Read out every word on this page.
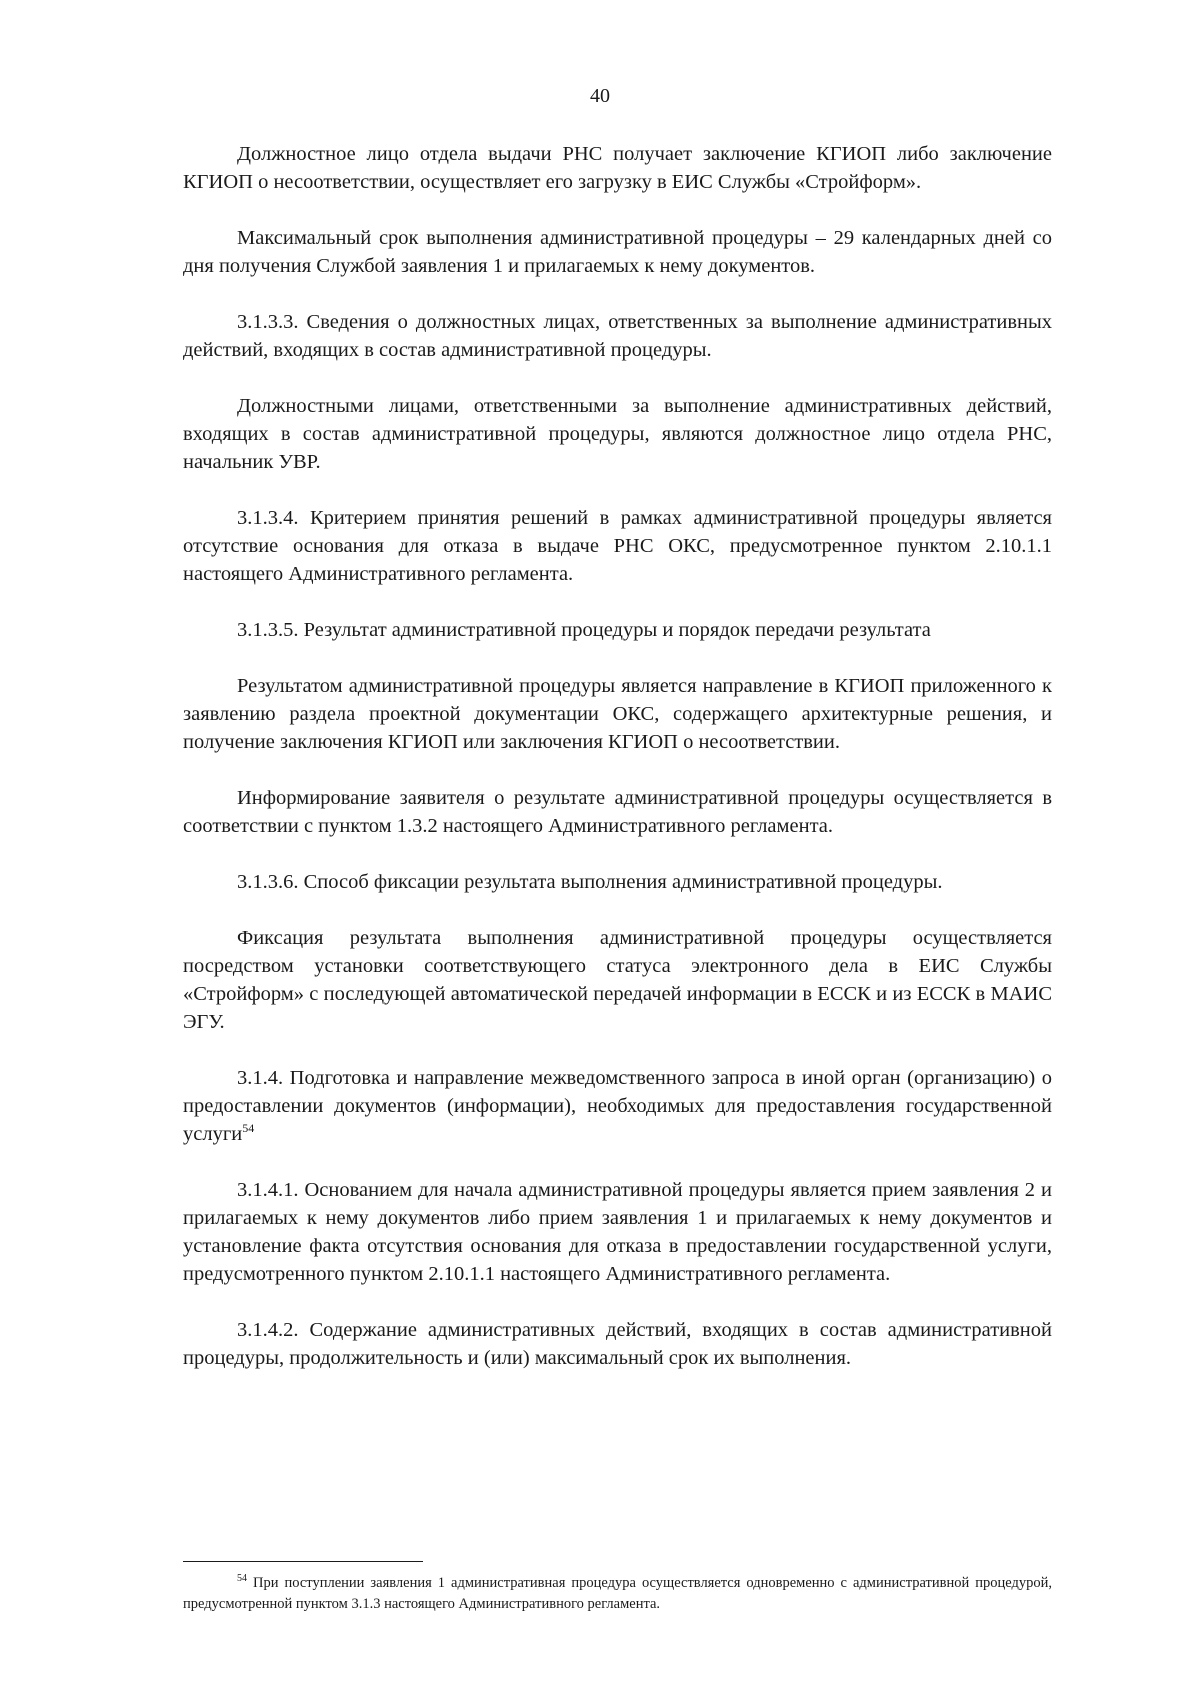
40

Должностное лицо отдела выдачи РНС получает заключение КГИОП либо заключение КГИОП о несоответствии, осуществляет его загрузку в ЕИС Службы «Стройформ».

Максимальный срок выполнения административной процедуры – 29 календарных дней со дня получения Службой заявления 1 и прилагаемых к нему документов.

3.1.3.3. Сведения о должностных лицах, ответственных за выполнение административных действий, входящих в состав административной процедуры.

Должностными лицами, ответственными за выполнение административных действий, входящих в состав административной процедуры, являются должностное лицо отдела РНС, начальник УВР.

3.1.3.4. Критерием принятия решений в рамках административной процедуры является отсутствие основания для отказа в выдаче РНС ОКС, предусмотренное пунктом 2.10.1.1 настоящего Административного регламента.

3.1.3.5. Результат административной процедуры и порядок передачи результата

Результатом административной процедуры является направление в КГИОП приложенного к заявлению раздела проектной документации ОКС, содержащего архитектурные решения, и получение заключения КГИОП или заключения КГИОП о несоответствии.

Информирование заявителя о результате административной процедуры осуществляется в соответствии с пунктом 1.3.2 настоящего Административного регламента.

3.1.3.6. Способ фиксации результата выполнения административной процедуры.

Фиксация результата выполнения административной процедуры осуществляется посредством установки соответствующего статуса электронного дела в ЕИС Службы «Стройформ» с последующей автоматической передачей информации в ЕССК и из ЕССК в МАИС ЭГУ.

3.1.4. Подготовка и направление межведомственного запроса в иной орган (организацию) о предоставлении документов (информации), необходимых для предоставления государственной услуги$^{54}$

3.1.4.1. Основанием для начала административной процедуры является прием заявления 2 и прилагаемых к нему документов либо прием заявления 1 и прилагаемых к нему документов и установление факта отсутствия основания для отказа в предоставлении государственной услуги, предусмотренного пунктом 2.10.1.1 настоящего Административного регламента.

3.1.4.2. Содержание административных действий, входящих в состав административной процедуры, продолжительность и (или) максимальный срок их выполнения.

$^{54}$ При поступлении заявления 1 административная процедура осуществляется одновременно с административной процедурой, предусмотренной пунктом 3.1.3 настоящего Административного регламента.
